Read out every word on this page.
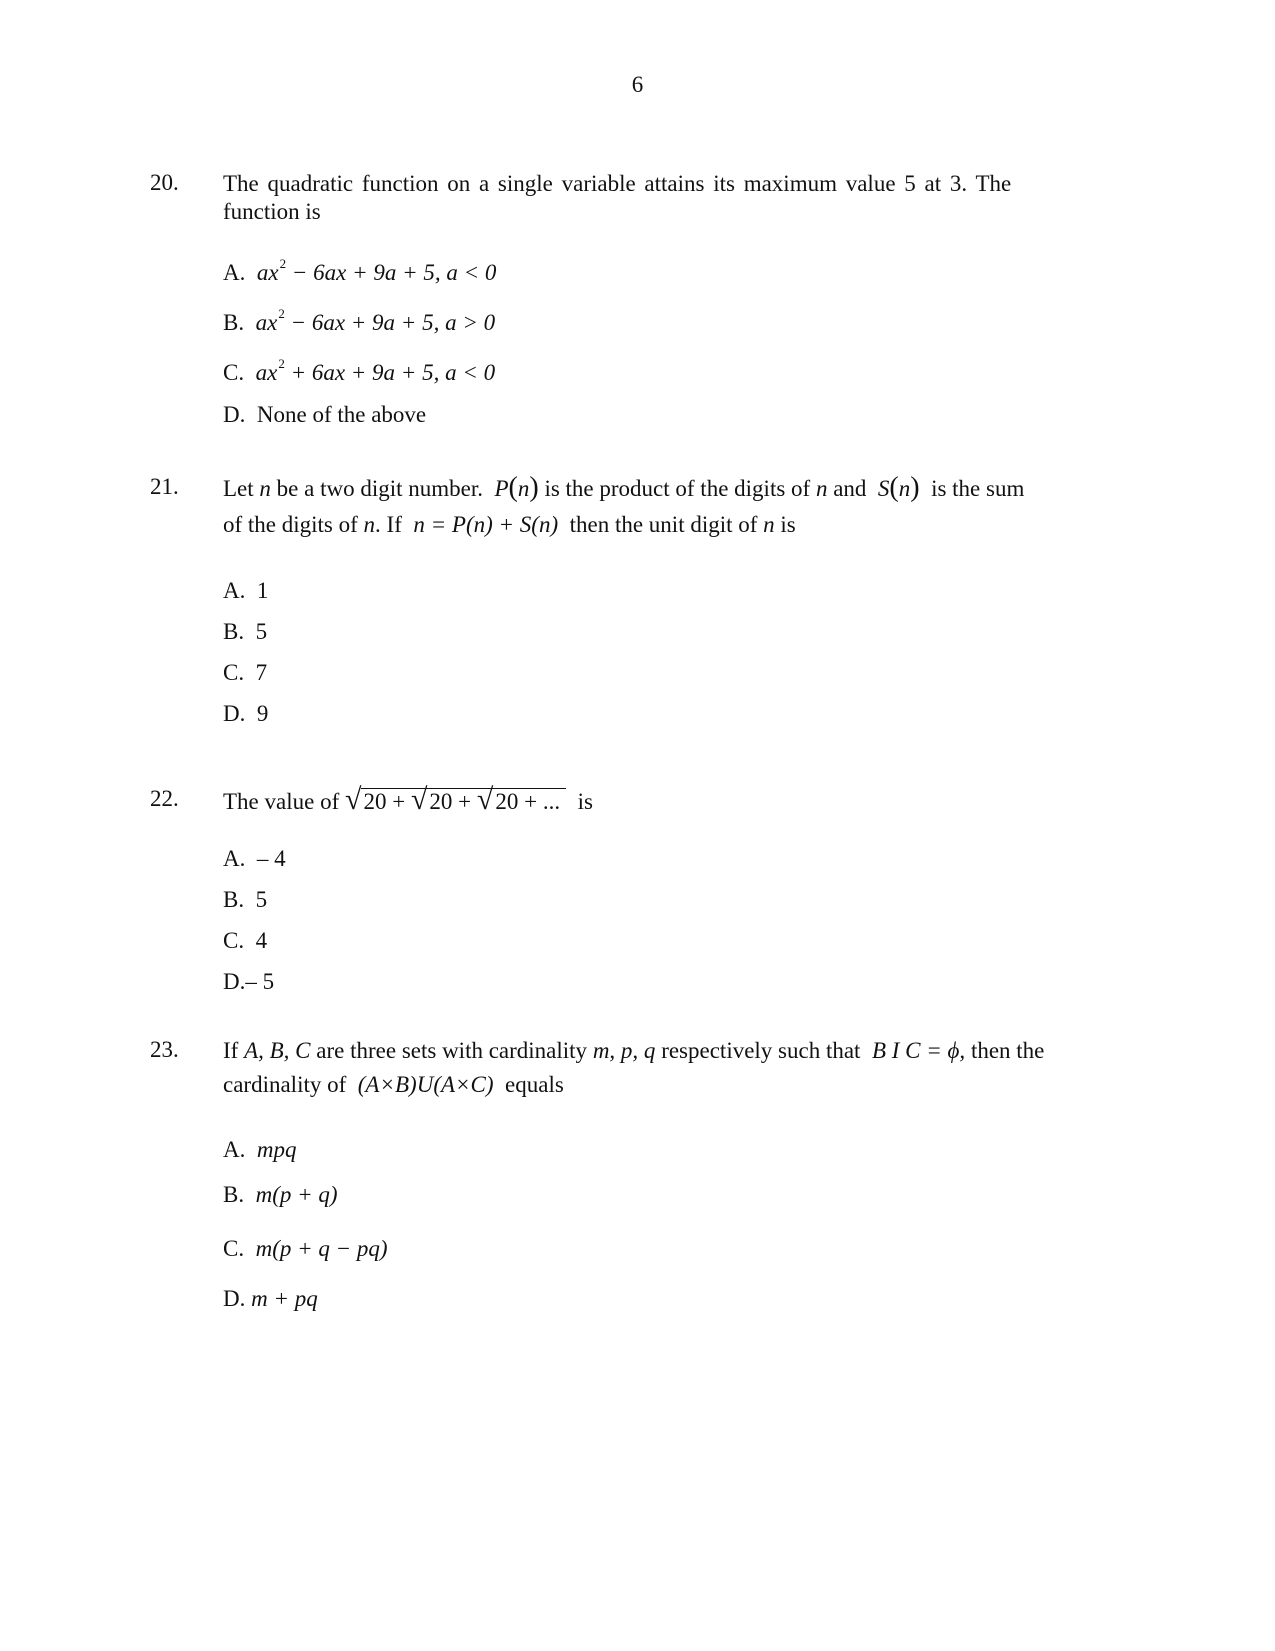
6
20. The quadratic function on a single variable attains its maximum value 5 at 3. The
function is
A. $ax^2 - 6ax + 9a + 5$, a < 0
B. $ax^2 - 6ax + 9a + 5$, a > 0
C. $ax^2 + 6ax + 9a + 5$, a < 0
D. None of the above
21. Let n be a two digit number. P(n) is the product of the digits of n and S(n) is the sum
of the digits of n. If n = P(n) + S(n) then the unit digit of n is
A. 1
B. 5
C. 7
D. 9
22. The value of √20 + √20 + √20 + ... is
A. – 4
B. 5
C. 4
D.– 5
23. If A, B, C are three sets with cardinality m, p, q respectively such that B I C = ϕ, then the
cardinality of (A×B)U(A×C) equals
A. mpq
B. m(p + q)
C. m(p + q − pq)
D. m + pq
